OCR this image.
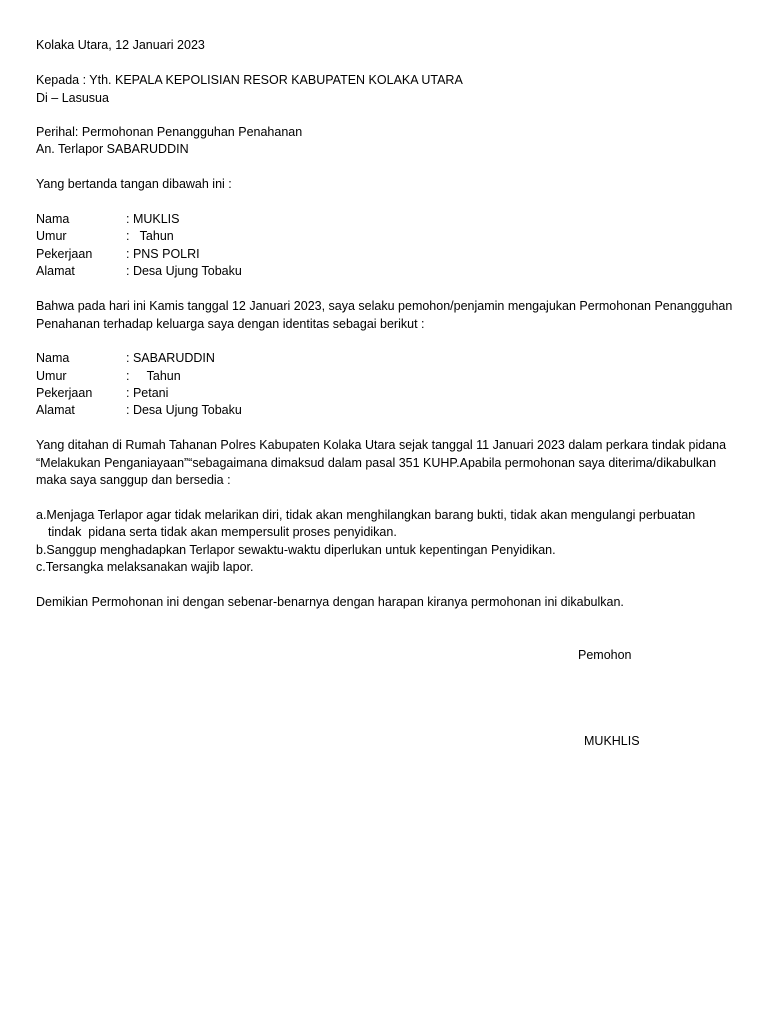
Kolaka Utara, 12 Januari 2023
Kepada : Yth. KEPALA KEPOLISIAN RESOR KABUPATEN KOLAKA UTARA
Di – Lasusua
Perihal: Permohonan Penangguhan Penahanan
An. Terlapor SABARUDDIN
Yang bertanda tangan dibawah ini :
Nama	: MUKLIS
Umur	:   Tahun
Pekerjaan	: PNS POLRI
Alamat	: Desa Ujung Tobaku
Bahwa pada hari ini Kamis tanggal 12 Januari 2023, saya selaku pemohon/penjamin mengajukan Permohonan Penangguhan
Penahanan terhadap keluarga saya dengan identitas sebagai berikut :
Nama	: SABARUDDIN
Umur	:     Tahun
Pekerjaan	: Petani
Alamat	: Desa Ujung Tobaku
Yang ditahan di Rumah Tahanan Polres Kabupaten Kolaka Utara sejak tanggal 11 Januari 2023 dalam perkara tindak pidana
“Melakukan Penganiayaan”“sebagaimana dimaksud dalam pasal 351 KUHP.Apabila permohonan saya diterima/dikabulkan
maka saya sanggup dan bersedia :
a.Menjaga Terlapor agar tidak melarikan diri, tidak akan menghilangkan barang bukti, tidak akan mengulangi perbuatan
tindak  pidana serta tidak akan mempersulit proses penyidikan.
b.Sanggup menghadapkan Terlapor sewaktu-waktu diperlukan untuk kepentingan Penyidikan.
c.Tersangka melaksanakan wajib lapor.
Demikian Permohonan ini dengan sebenar-benarnya dengan harapan kiranya permohonan ini dikabulkan.
Pemohon
MUKHLIS
